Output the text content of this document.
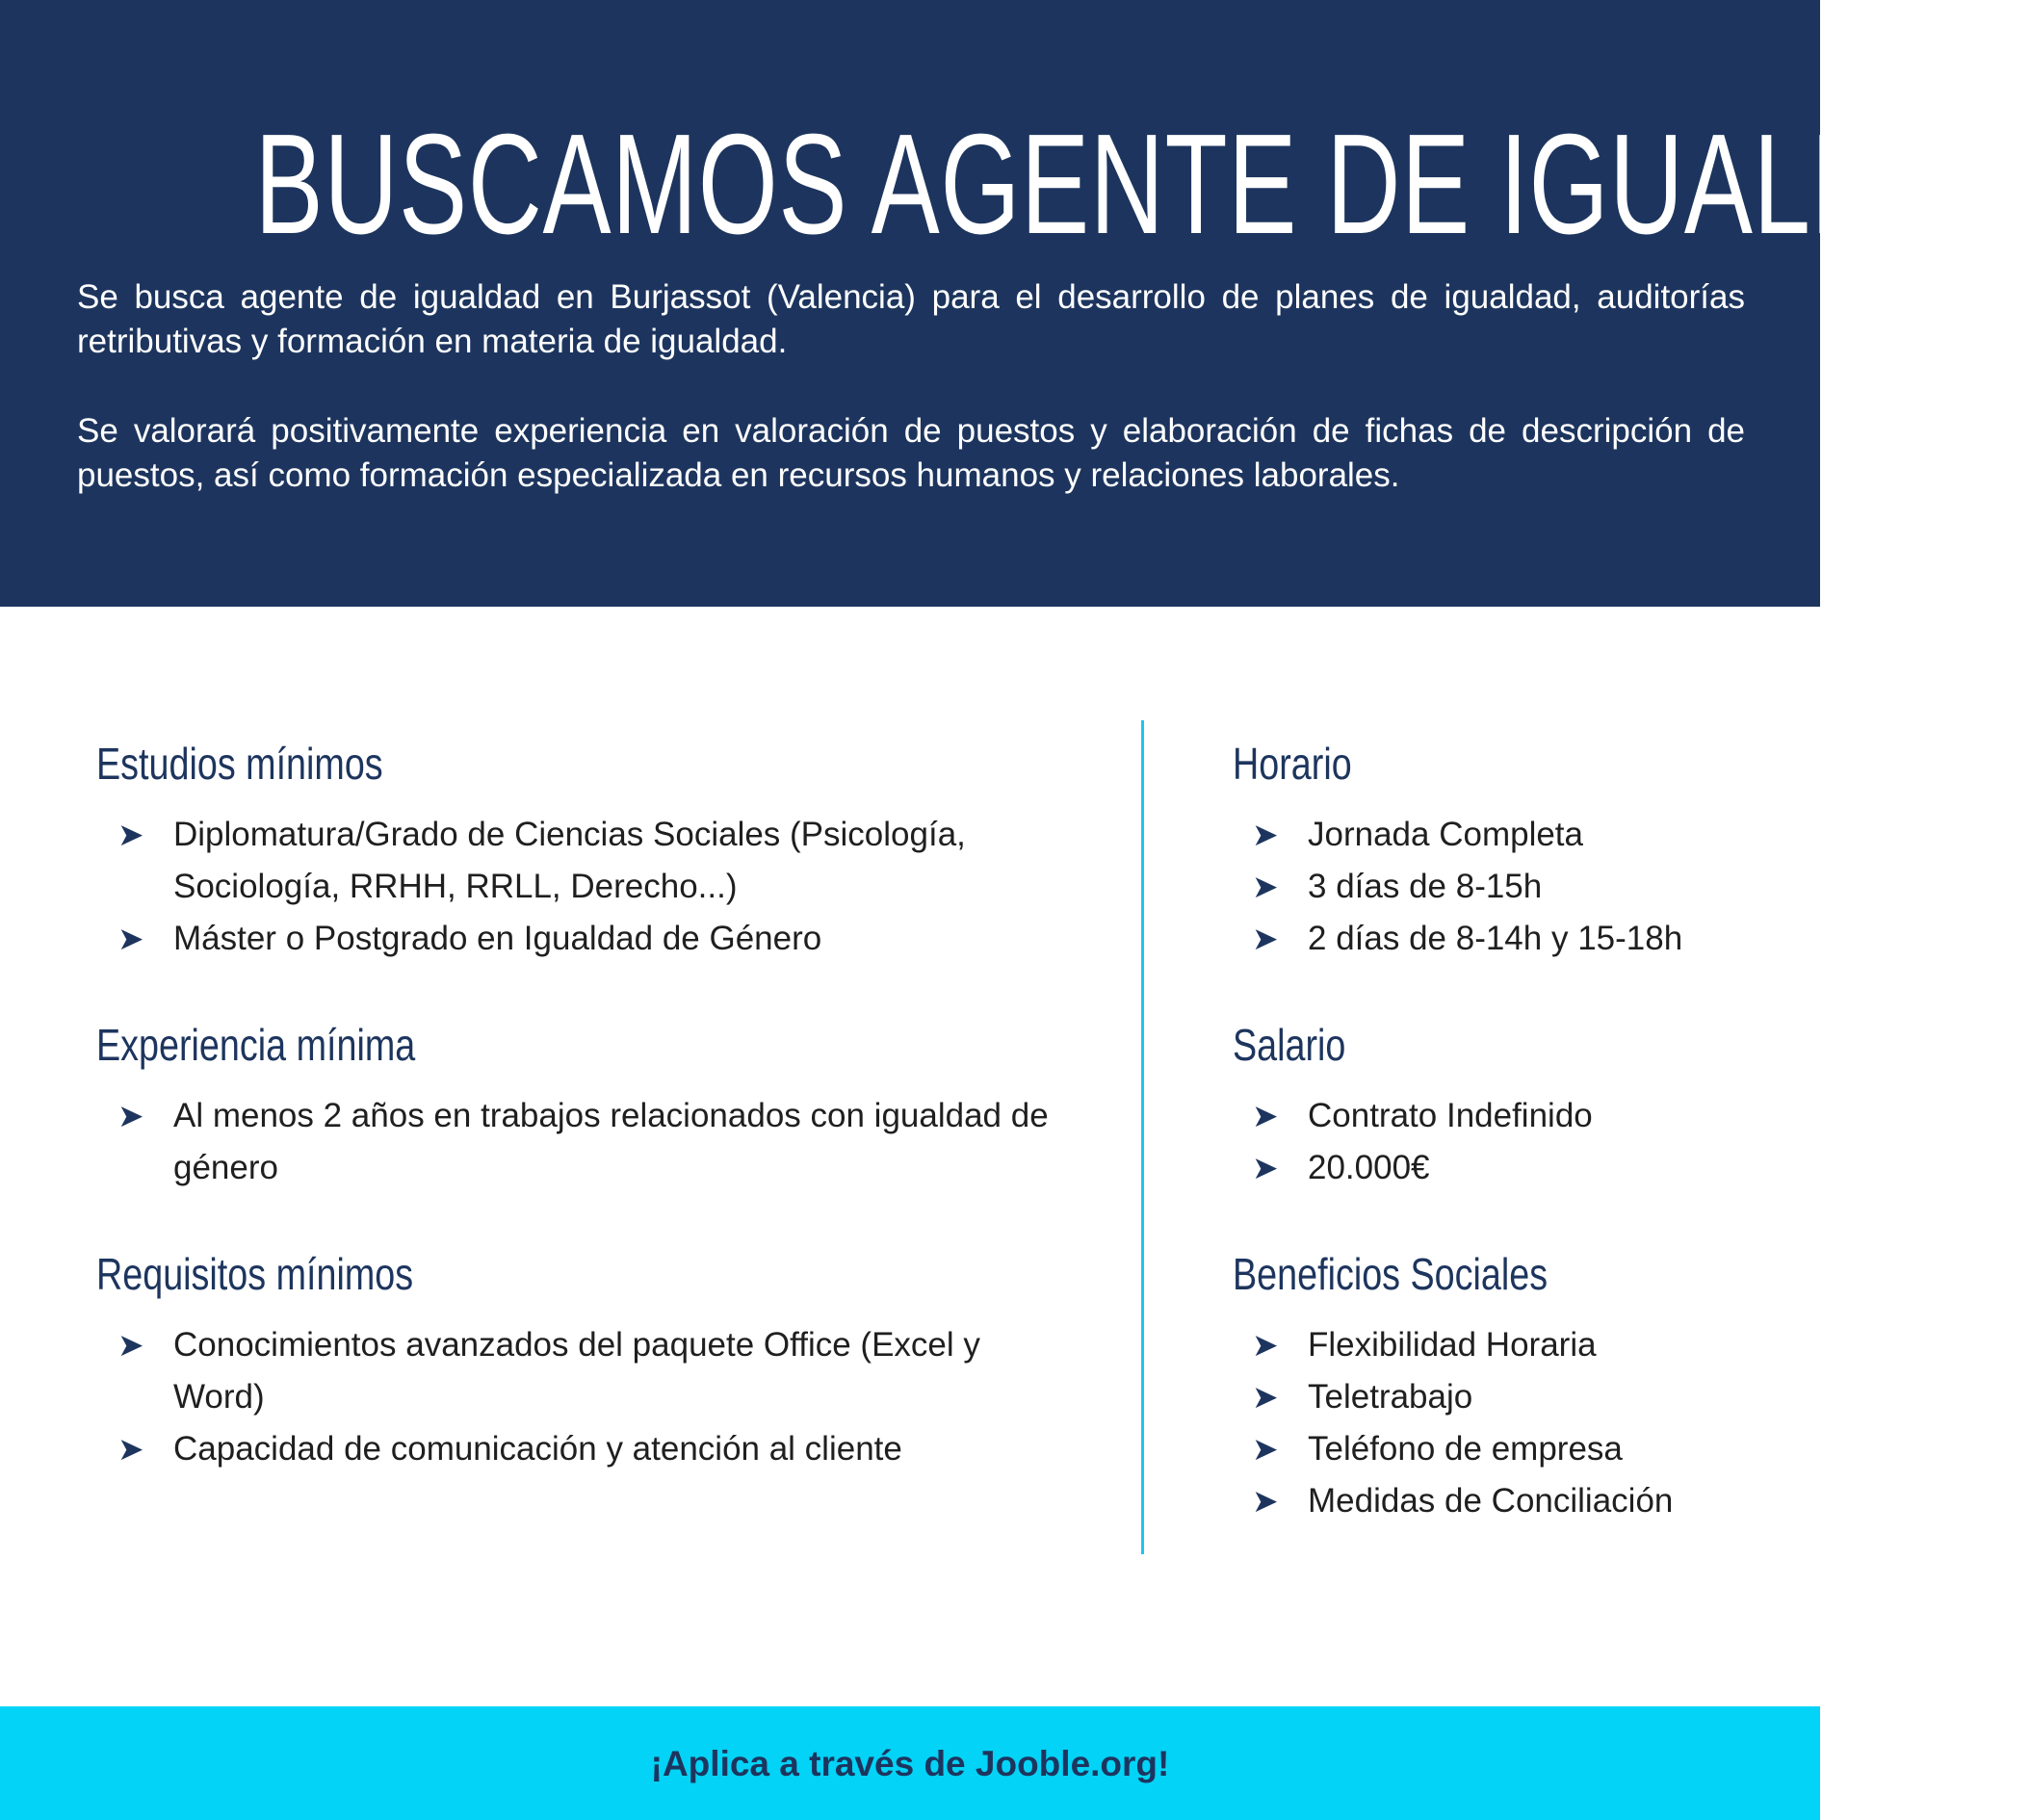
BUSCAMOS AGENTE DE IGUALDAD

Se busca agente de igualdad en Burjassot (Valencia) para el desarrollo de planes de igualdad, auditorías retributivas y formación en materia de igualdad.

Se valorará positivamente experiencia en valoración de puestos y elaboración de fichas de descripción de puestos, así como formación especializada en recursos humanos y relaciones laborales.

Estudios mínimos
➤ Diplomatura/Grado de Ciencias Sociales (Psicología, Sociología, RRHH, RRLL, Derecho...)
➤ Máster o Postgrado en Igualdad de Género
Experiencia mínima
➤ Al menos 2 años en trabajos relacionados con igualdad de género
Requisitos mínimos
➤ Conocimientos avanzados del paquete Office (Excel y Word)
➤ Capacidad de comunicación y atención al cliente
Horario
➤ Jornada Completa
➤ 3 días de 8-15h
➤ 2 días de 8-14h y 15-18h
Salario
➤ Contrato Indefinido
➤ 20.000€
Beneficios Sociales
➤ Flexibilidad Horaria
➤ Teletrabajo
➤ Teléfono de empresa
➤ Medidas de Conciliación
¡Aplica a través de Jooble.org!
